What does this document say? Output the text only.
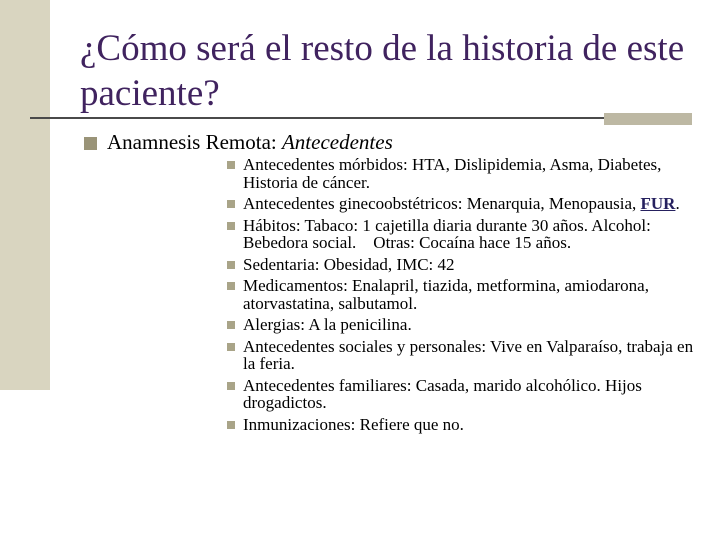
¿Cómo será el resto de la historia de este paciente?
Anamnesis Remota: Antecedentes
Antecedentes mórbidos: HTA, Dislipidemia, Asma, Diabetes, Historia de cáncer.
Antecedentes ginecoobstétricos: Menarquia, Menopausia, FUR.
Hábitos: Tabaco: 1 cajetilla diaria durante 30 años. Alcohol: Bebedora social.    Otras: Cocaína hace 15 años.
Sedentaria: Obesidad, IMC: 42
Medicamentos: Enalapril, tiazida, metformina, amiodarona, atorvastatina, salbutamol.
Alergias: A la penicilina.
Antecedentes sociales y personales: Vive en Valparaíso, trabaja en la feria.
Antecedentes familiares: Casada, marido alcohólico. Hijos drogadictos.
Inmunizaciones: Refiere que no.
